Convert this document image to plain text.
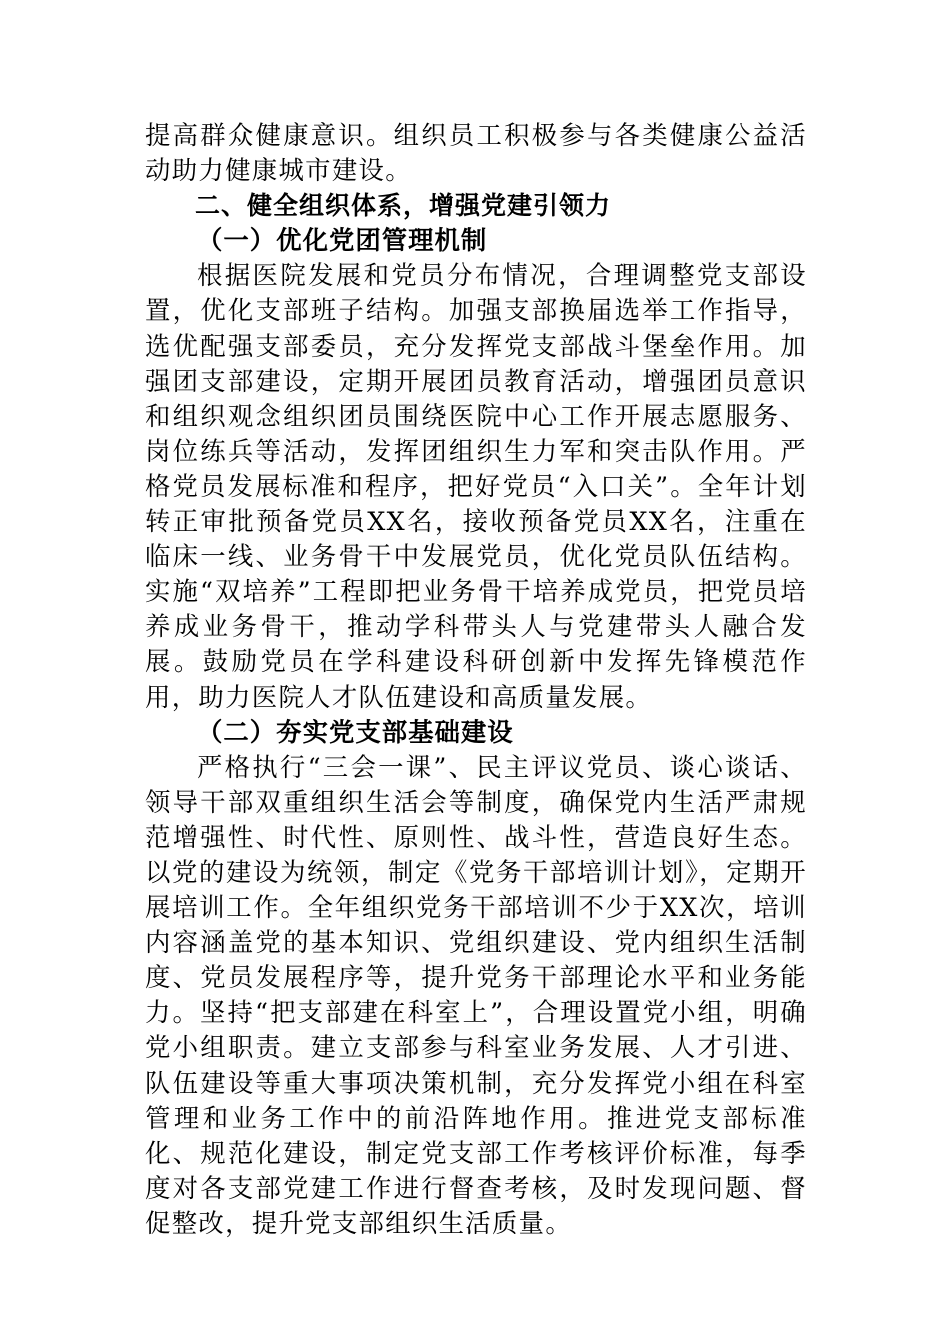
提高群众健康意识。组织员工积极参与各类健康公益活动助力健康城市建设。

二、健全组织体系，增强党建引领力

（一）优化党团管理机制

根据医院发展和党员分布情况，合理调整党支部设置，优化支部班子结构。加强支部换届选举工作指导，选优配强支部委员，充分发挥党支部战斗堡垒作用。加强团支部建设，定期开展团员教育活动，增强团员意识和组织观念组织团员围绕医院中心工作开展志愿服务、岗位练兵等活动，发挥团组织生力军和突击队作用。严格党员发展标准和程序，把好党员“入口关”。全年计划转正审批预备党员XX名，接收预备党员XX名，注重在临床一线、业务骨干中发展党员，优化党员队伍结构。实施“双培养”工程即把业务骨干培养成党员，把党员培养成业务骨干，推动学科带头人与党建带头人融合发展。鼓励党员在学科建设科研创新中发挥先锋模范作用，助力医院人才队伍建设和高质量发展。

（二）夯实党支部基础建设

严格执行“三会一课”、民主评议党员、谈心谈话、领导干部双重组织生活会等制度，确保党内生活严肃规范增强性、时代性、原则性、战斗性，营造良好生态。以党的建设为统领，制定《党务干部培训计划》，定期开展培训工作。全年组织党务干部培训不少于XX次，培训内容涵盖党的基本知识、党组织建设、党内组织生活制度、党员发展程序等，提升党务干部理论水平和业务能力。坚持“把支部建在科室上”，合理设置党小组，明确党小组职责。建立支部参与科室业务发展、人才引进、队伍建设等重大事项决策机制，充分发挥党小组在科室管理和业务工作中的前沿阵地作用。推进党支部标准化、规范化建设，制定党支部工作考核评价标准，每季度对各支部党建工作进行督查考核，及时发现问题、督促整改，提升党支部组织生活质量。
